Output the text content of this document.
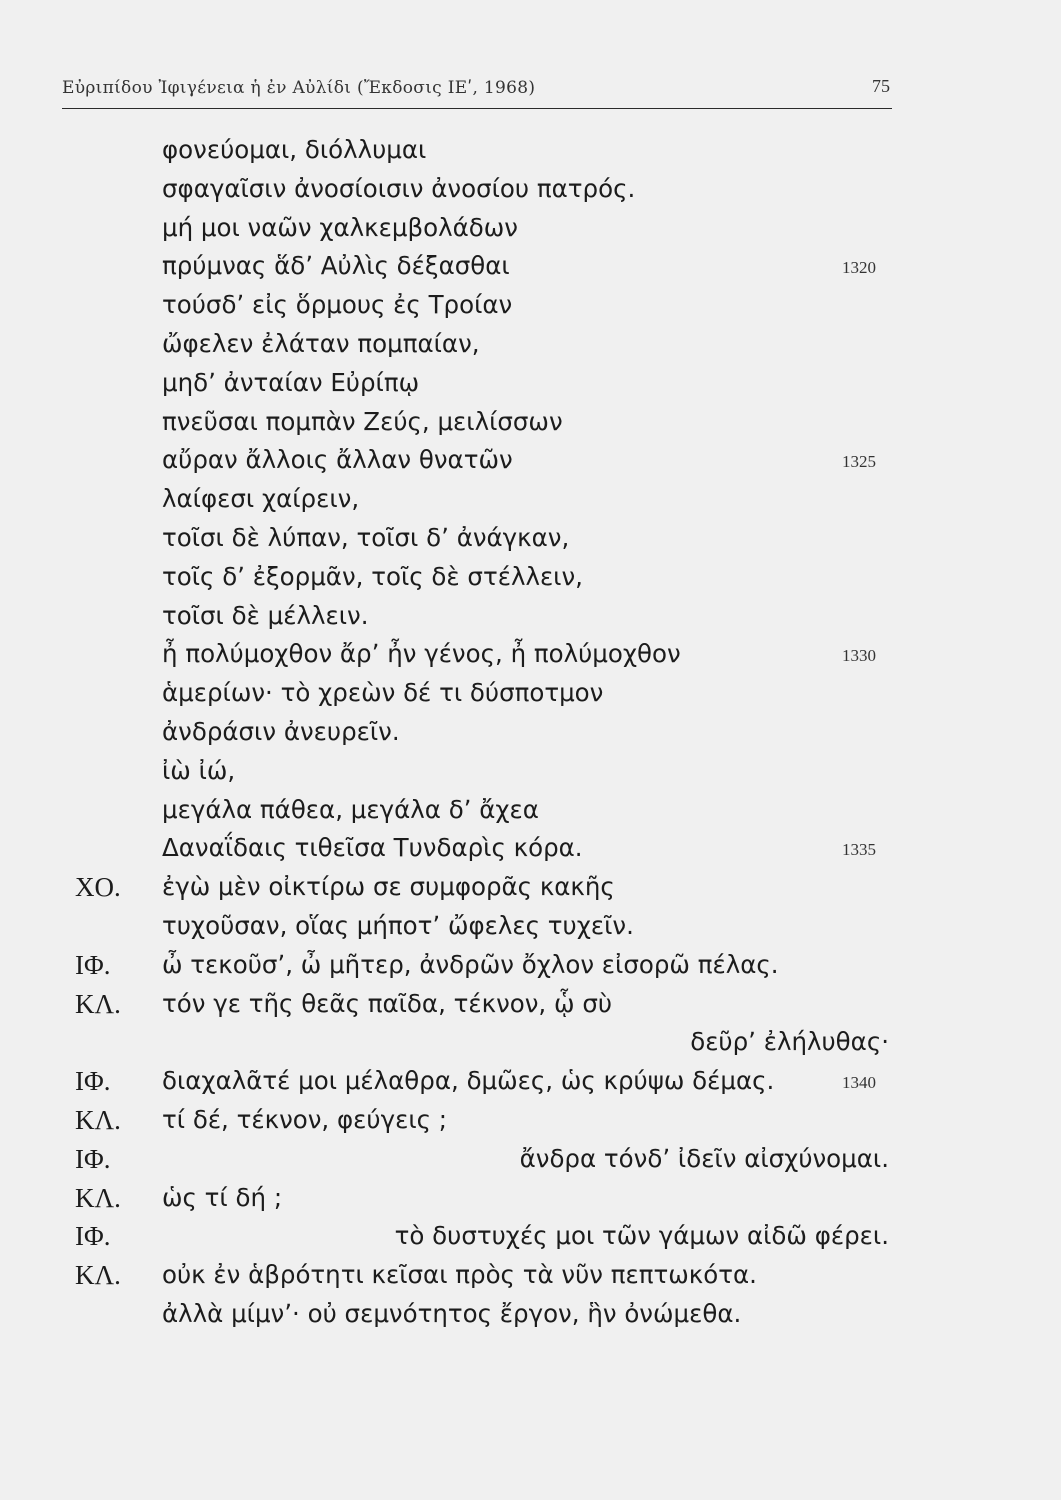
Εὐριπίδου Ἰφιγένεια ἡ ἐν Αὐλίδι (Ἔκδοσις ΙΕʹ, 1968)	75
φονεύομαι, διόλλυμαι
σφαγαῖσιν ἀνοσίοισιν ἀνοσίου πατρός.
μή μοι ναῶν χαλκεμβολάδων
πρύμνας ἅδʼ Αὐλὶς δέξασθαι	1320
τούσδʼ εἰς ὅρμους ἐς Τροίαν
ὤφελεν ἐλάταν πομπαίαν,
μηδʼ ἀνταίαν Εὐρίπῳ
πνεῦσαι πομπὰν Ζεύς, μειλίσσων
αὔραν ἄλλοις ἄλλαν θνατῶν	1325
λαίφεσι χαίρειν,
τοῖσι δὲ λύπαν, τοῖσι δʼ ἀνάγκαν,
τοῖς δʼ ἐξορμᾶν, τοῖς δὲ στέλλειν,
τοῖσι δὲ μέλλειν.
ἦ πολύμοχθον ἄρʼ ἦν γένος, ἦ πολύμοχθον	1330
ἁμερίων· τὸ χρεὼν δέ τι δύσποτμον
ἀνδράσιν ἀνευρεῖν.
ἰὼ ἰώ,
μεγάλα πάθεα, μεγάλα δʼ ἄχεα
Δαναΐδαις τιθεῖσα Τυνδαρὶς κόρα.	1335
ΧΟ. ἐγὼ μὲν οἰκτίρω σε συμφορᾶς κακῆς
τυχοῦσαν, οἵας μήποτʼ ὤφελες τυχεῖν.
ΙΦ. ὦ τεκοῦσʼ, ὦ μῆτερ, ἀνδρῶν ὄχλον εἰσορῶ πέλας.
ΚΛ. τόν γε τῆς θεᾶς παῖδα, τέκνον, ᾧ σὺ
δεῦρʼ ἐλήλυθας·
ΙΦ. διαχαλᾶτέ μοι μέλαθρα, δμῶες, ὡς κρύψω δέμας.	1340
ΚΛ. τί δέ, τέκνον, φεύγεις ;
ΙΦ.	ἄνδρα τόνδʼ ἰδεῖν αἰσχύνομαι.
ΚΛ. ὡς τί δή ;
ΙΦ.	τὸ δυστυχές μοι τῶν γάμων αἰδῶ φέρει.
ΚΛ. οὐκ ἐν ἁβρότητι κεῖσαι πρὸς τὰ νῦν πεπτωκότα.
ἀλλὰ μίμνʼ· οὐ σεμνότητος ἔργον, ἣν ὀνώμεθα.
